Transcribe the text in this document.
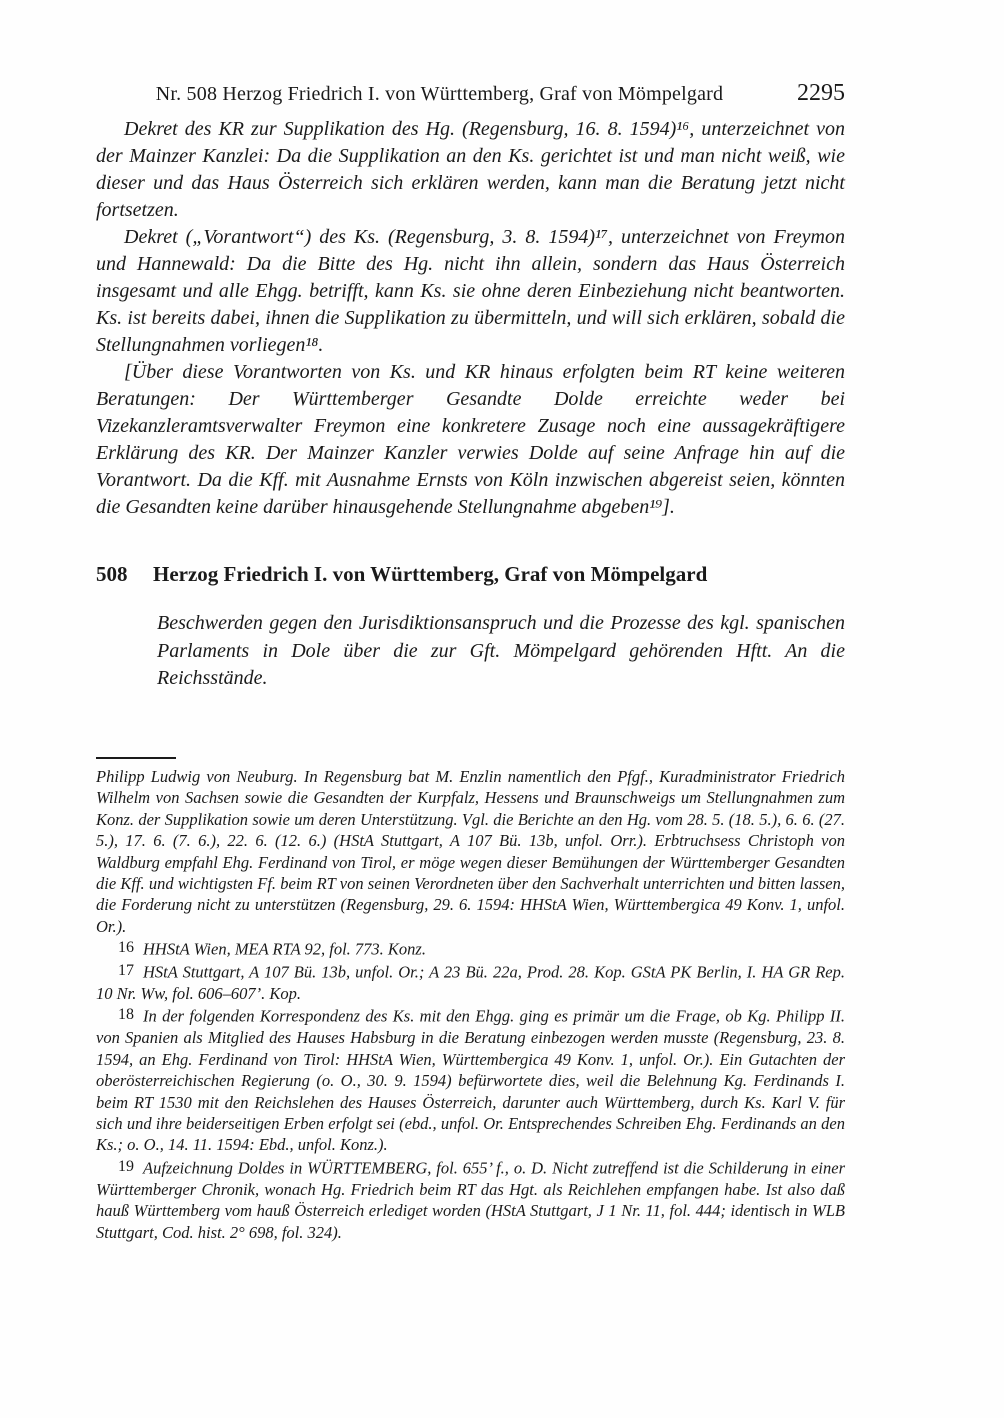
Nr. 508 Herzog Friedrich I. von Württemberg, Graf von Mömpelgard	2295

Dekret des KR zur Supplikation des Hg. (Regensburg, 16. 8. 1594)¹⁶, unterzeichnet von der Mainzer Kanzlei: Da die Supplikation an den Ks. gerichtet ist und man nicht weiß, wie dieser und das Haus Österreich sich erklären werden, kann man die Beratung jetzt nicht fortsetzen.

Dekret („Vorantwort“) des Ks. (Regensburg, 3. 8. 1594)¹⁷, unterzeichnet von Freymon und Hannewald: Da die Bitte des Hg. nicht ihn allein, sondern das Haus Österreich insgesamt und alle Ehgg. betrifft, kann Ks. sie ohne deren Einbeziehung nicht beantworten. Ks. ist bereits dabei, ihnen die Supplikation zu übermitteln, und will sich erklären, sobald die Stellungnahmen vorliegen¹⁸.

[Über diese Vorantworten von Ks. und KR hinaus erfolgten beim RT keine weiteren Beratungen: Der Württemberger Gesandte Dolde erreichte weder bei Vizekanzleramtsverwalter Freymon eine konkretere Zusage noch eine aussagekräftigere Erklärung des KR. Der Mainzer Kanzler verwies Dolde auf seine Anfrage hin auf die Vorantwort. Da die Kff. mit Ausnahme Ernsts von Köln inzwischen abgereist seien, könnten die Gesandten keine darüber hinausgehende Stellungnahme abgeben¹⁹].

508	Herzog Friedrich I. von Württemberg, Graf von Mömpelgard

Beschwerden gegen den Jurisdiktionsanspruch und die Prozesse des kgl. spanischen Parlaments in Dole über die zur Gft. Mömpelgard gehörenden Hftt. An die Reichsstände.

Philipp Ludwig von Neuburg. In Regensburg bat M. Enzlin namentlich den Pfgf., Kuradministrator Friedrich Wilhelm von Sachsen sowie die Gesandten der Kurpfalz, Hessens und Braunschweigs um Stellungnahmen zum Konz. der Supplikation sowie um deren Unterstützung. Vgl. die Berichte an den Hg. vom 28. 5. (18. 5.), 6. 6. (27. 5.), 17. 6. (7. 6.), 22. 6. (12. 6.) (HStA Stuttgart, A 107 Bü. 13b, unfol. Orr.). Erbtruchsess Christoph von Waldburg empfahl Ehg. Ferdinand von Tirol, er möge wegen dieser Bemühungen der Württemberger Gesandten die Kff. und wichtigsten Ff. beim RT von seinen Verordneten über den Sachverhalt unterrichten und bitten lassen, die Forderung nicht zu unterstützen (Regensburg, 29. 6. 1594: HHStA Wien, Württembergica 49 Konv. 1, unfol. Or.).

16 HHStA Wien, MEA RTA 92, fol. 773. Konz.

17 HStA Stuttgart, A 107 Bü. 13b, unfol. Or.; A 23 Bü. 22a, Prod. 28. Kop. GStA PK Berlin, I. HA GR Rep. 10 Nr. Ww, fol. 606–607’. Kop.

18 In der folgenden Korrespondenz des Ks. mit den Ehgg. ging es primär um die Frage, ob Kg. Philipp II. von Spanien als Mitglied des Hauses Habsburg in die Beratung einbezogen werden musste (Regensburg, 23. 8. 1594, an Ehg. Ferdinand von Tirol: HHStA Wien, Württembergica 49 Konv. 1, unfol. Or.). Ein Gutachten der oberösterreichischen Regierung (o. O., 30. 9. 1594) befürwortete dies, weil die Belehnung Kg. Ferdinands I. beim RT 1530 mit den Reichslehen des Hauses Österreich, darunter auch Württemberg, durch Ks. Karl V. für sich und ihre beiderseitigen Erben erfolgt sei (ebd., unfol. Or. Entsprechendes Schreiben Ehg. Ferdinands an den Ks.; o. O., 14. 11. 1594: Ebd., unfol. Konz.).

19 Aufzeichnung Doldes in WÜRTTEMBERG, fol. 655’ f., o. D. Nicht zutreffend ist die Schilderung in einer Württemberger Chronik, wonach Hg. Friedrich beim RT das Hgt. als Reichlehen empfangen habe. Ist also daß hauß Württemberg vom hauß Österreich erlediget worden (HStA Stuttgart, J 1 Nr. 11, fol. 444; identisch in WLB Stuttgart, Cod. hist. 2° 698, fol. 324).
